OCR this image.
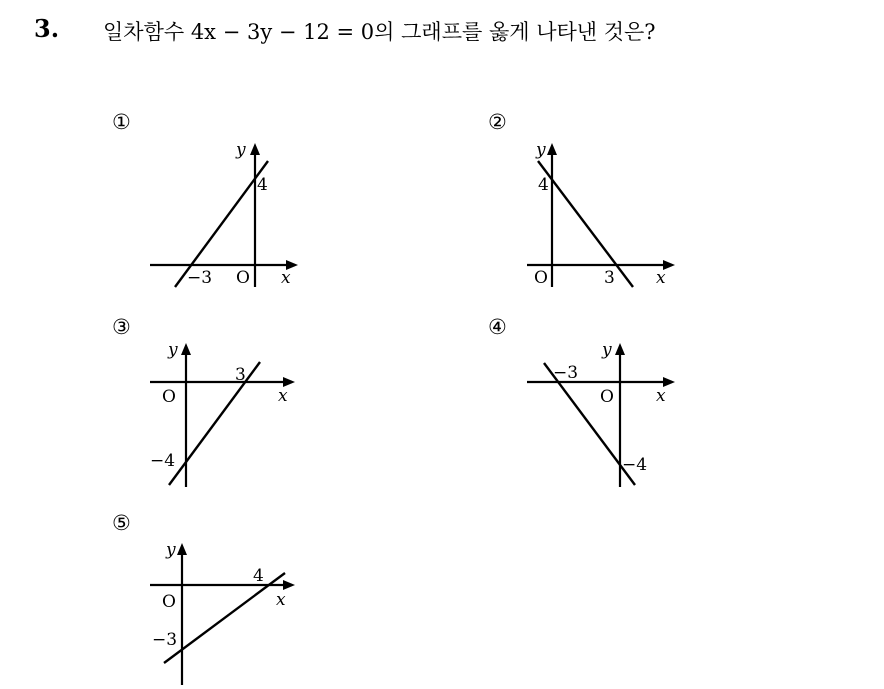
3. 일차함수 4x − 3y − 12 = 0의 그래프를 옳게 나타낸 것은?
①
y
4
−3 O x
②
y
4
O	3 x
③
y
3
O	x
−4
④
y
−3
O x
−4
⑤
y
4
O	x
−3
